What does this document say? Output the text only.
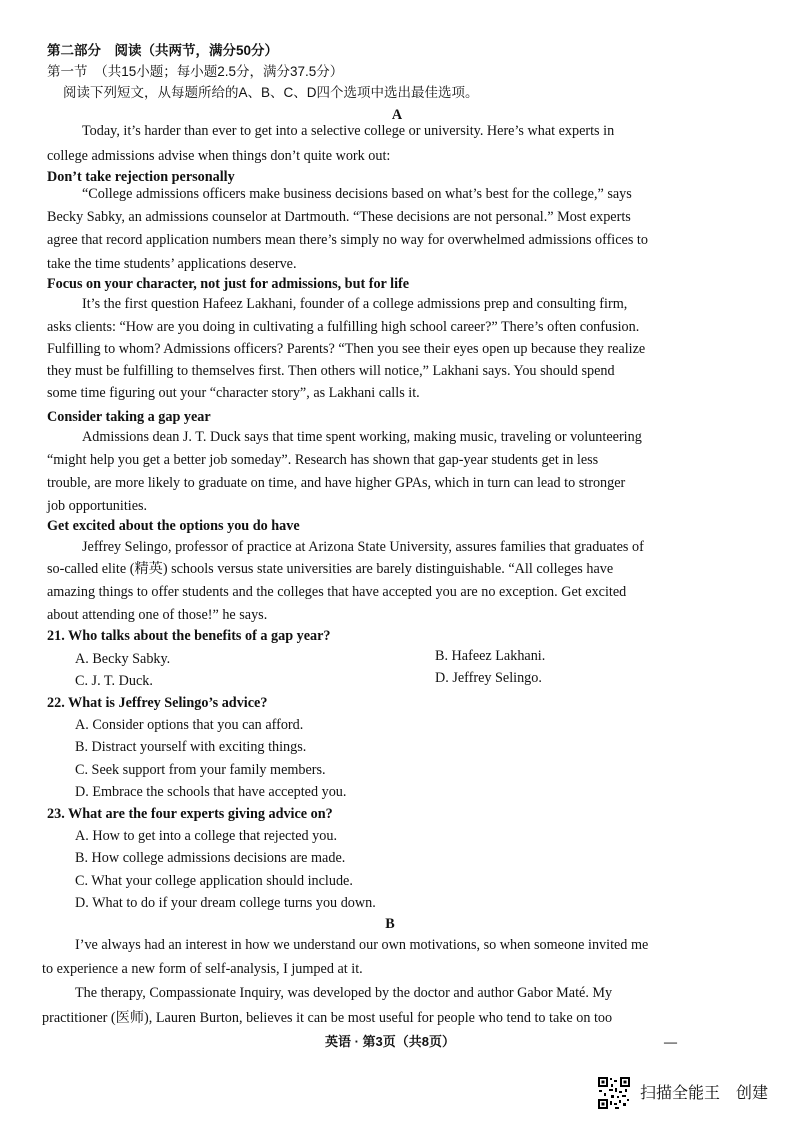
第二部分　阅读（共两节，满分50分）
第一节　（共15小题；每小题2.5分，满分37.5分）
阅读下列短文，从每题所给的A、B、C、D四个选项中选出最佳选项。
A
Today, it’s harder than ever to get into a selective college or university. Here’s what experts in
college admissions advise when things don’t quite work out:
Don’t take rejection personally
“College admissions officers make business decisions based on what’s best for the college,” says
Becky Sabky, an admissions counselor at Dartmouth. “These decisions are not personal.” Most experts
agree that record application numbers mean there’s simply no way for overwhelmed admissions offices to
take the time students’ applications deserve.
Focus on your character, not just for admissions, but for life
It’s the first question Hafeez Lakhani, founder of a college admissions prep and consulting firm,
asks clients: “How are you doing in cultivating a fulfilling high school career?” There’s often confusion.
Fulfilling to whom? Admissions officers? Parents? “Then you see their eyes open up because they realize
they must be fulfilling to themselves first. Then others will notice,” Lakhani says. You should spend
some time figuring out your “character story”, as Lakhani calls it.
Consider taking a gap year
Admissions dean J. T. Duck says that time spent working, making music, traveling or volunteering
“might help you get a better job someday”. Research has shown that gap-year students get in less
trouble, are more likely to graduate on time, and have higher GPAs, which in turn can lead to stronger
job opportunities.
Get excited about the options you do have
Jeffrey Selingo, professor of practice at Arizona State University, assures families that graduates of
so-called elite (精英) schools versus state universities are barely distinguishable. “All colleges have
amazing things to offer students and the colleges that have accepted you are no exception. Get excited
about attending one of those!” he says.
21. Who talks about the benefits of a gap year?
A. Becky Sabky.	B. Hafeez Lakhani.
C. J. T. Duck.	D. Jeffrey Selingo.
22. What is Jeffrey Selingo’s advice?
A. Consider options that you can afford.
B. Distract yourself with exciting things.
C. Seek support from your family members.
D. Embrace the schools that have accepted you.
23. What are the four experts giving advice on?
A. How to get into a college that rejected you.
B. How college admissions decisions are made.
C. What your college application should include.
D. What to do if your dream college turns you down.
B
I’ve always had an interest in how we understand our own motivations, so when someone invited me
to experience a new form of self-analysis, I jumped at it.
The therapy, Compassionate Inquiry, was developed by the doctor and author Gabor Maté. My
practitioner (医师), Lauren Burton, believes it can be most useful for people who tend to take on too
英语 · 第3页（共8页）	—
扫描全能王　创建
